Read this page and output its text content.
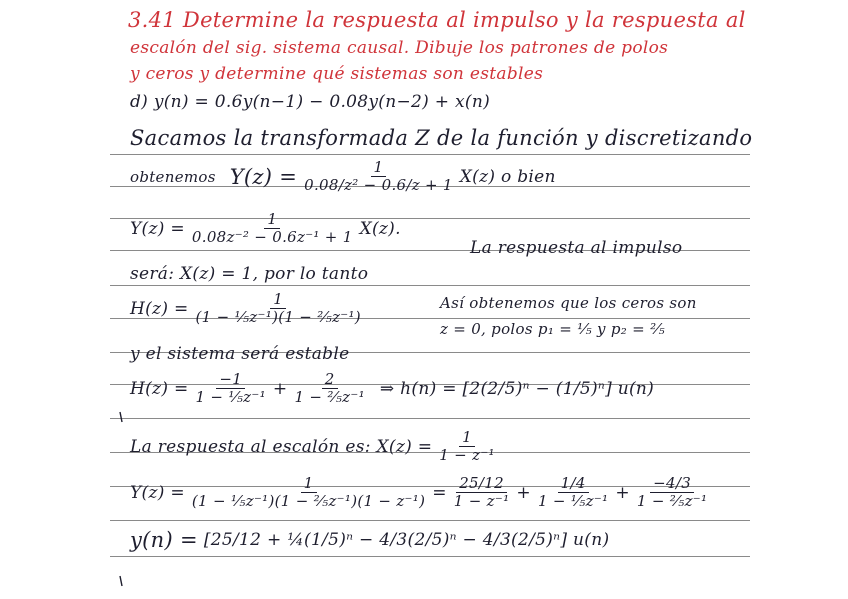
3.41 Determine la respuesta al impulso y la respuesta al
escalón del sig. sistema causal. Dibuje los patrones de polos
y ceros y determine qué sistemas son estables
d) y(n) = 0.6y(n−1) − 0.08y(n−2) + x(n)
Sacamos la transformada Z de la función y discretizando
obtenemos $Y(z) = \frac{1}{\text{0.08/z² − 0.6/z + 1}} X(z)$ o bien
$Y(z) = \frac{1}{\text{0.08z⁻² − 0.6z⁻¹ + 1}} X(z)$.
La respuesta al impulso
será: X(z) = 1, por lo tanto
$H(z) = \frac{1}{\text{(1 − ⅕z⁻¹)(1 − ⅖z⁻¹)}}$	Así obtenemos que los ceros son
z = 0, polos p₁ = ⅕ y p₂ = ⅖
y el sistema será estable
$H(z) = \frac{-1}{\text{1 − ⅕z⁻¹}} + \frac{2}{\text{1 − ⅖z⁻¹}}$ ⇒ h(n) = [2(2/5)ⁿ − (1/5)ⁿ] u(n)
La respuesta al escalón es: $X(z) = \frac{1}{\text{1 − z⁻¹}}$
$Y(z) = \frac{1}{\text{(1 − ⅕z⁻¹)(1 − ⅖z⁻¹)(1 − z⁻¹)}} = \frac{25/12}{\text{1 − z⁻¹}} + \frac{1/4}{\text{1 − ⅕z⁻¹}} + \frac{-4/3}{\text{1 − ⅖z⁻¹}}$
y(n) = [25/12 + ¼(1/5)ⁿ − 4/3(2/5)ⁿ − 4/3(2/5)ⁿ] u(n)
